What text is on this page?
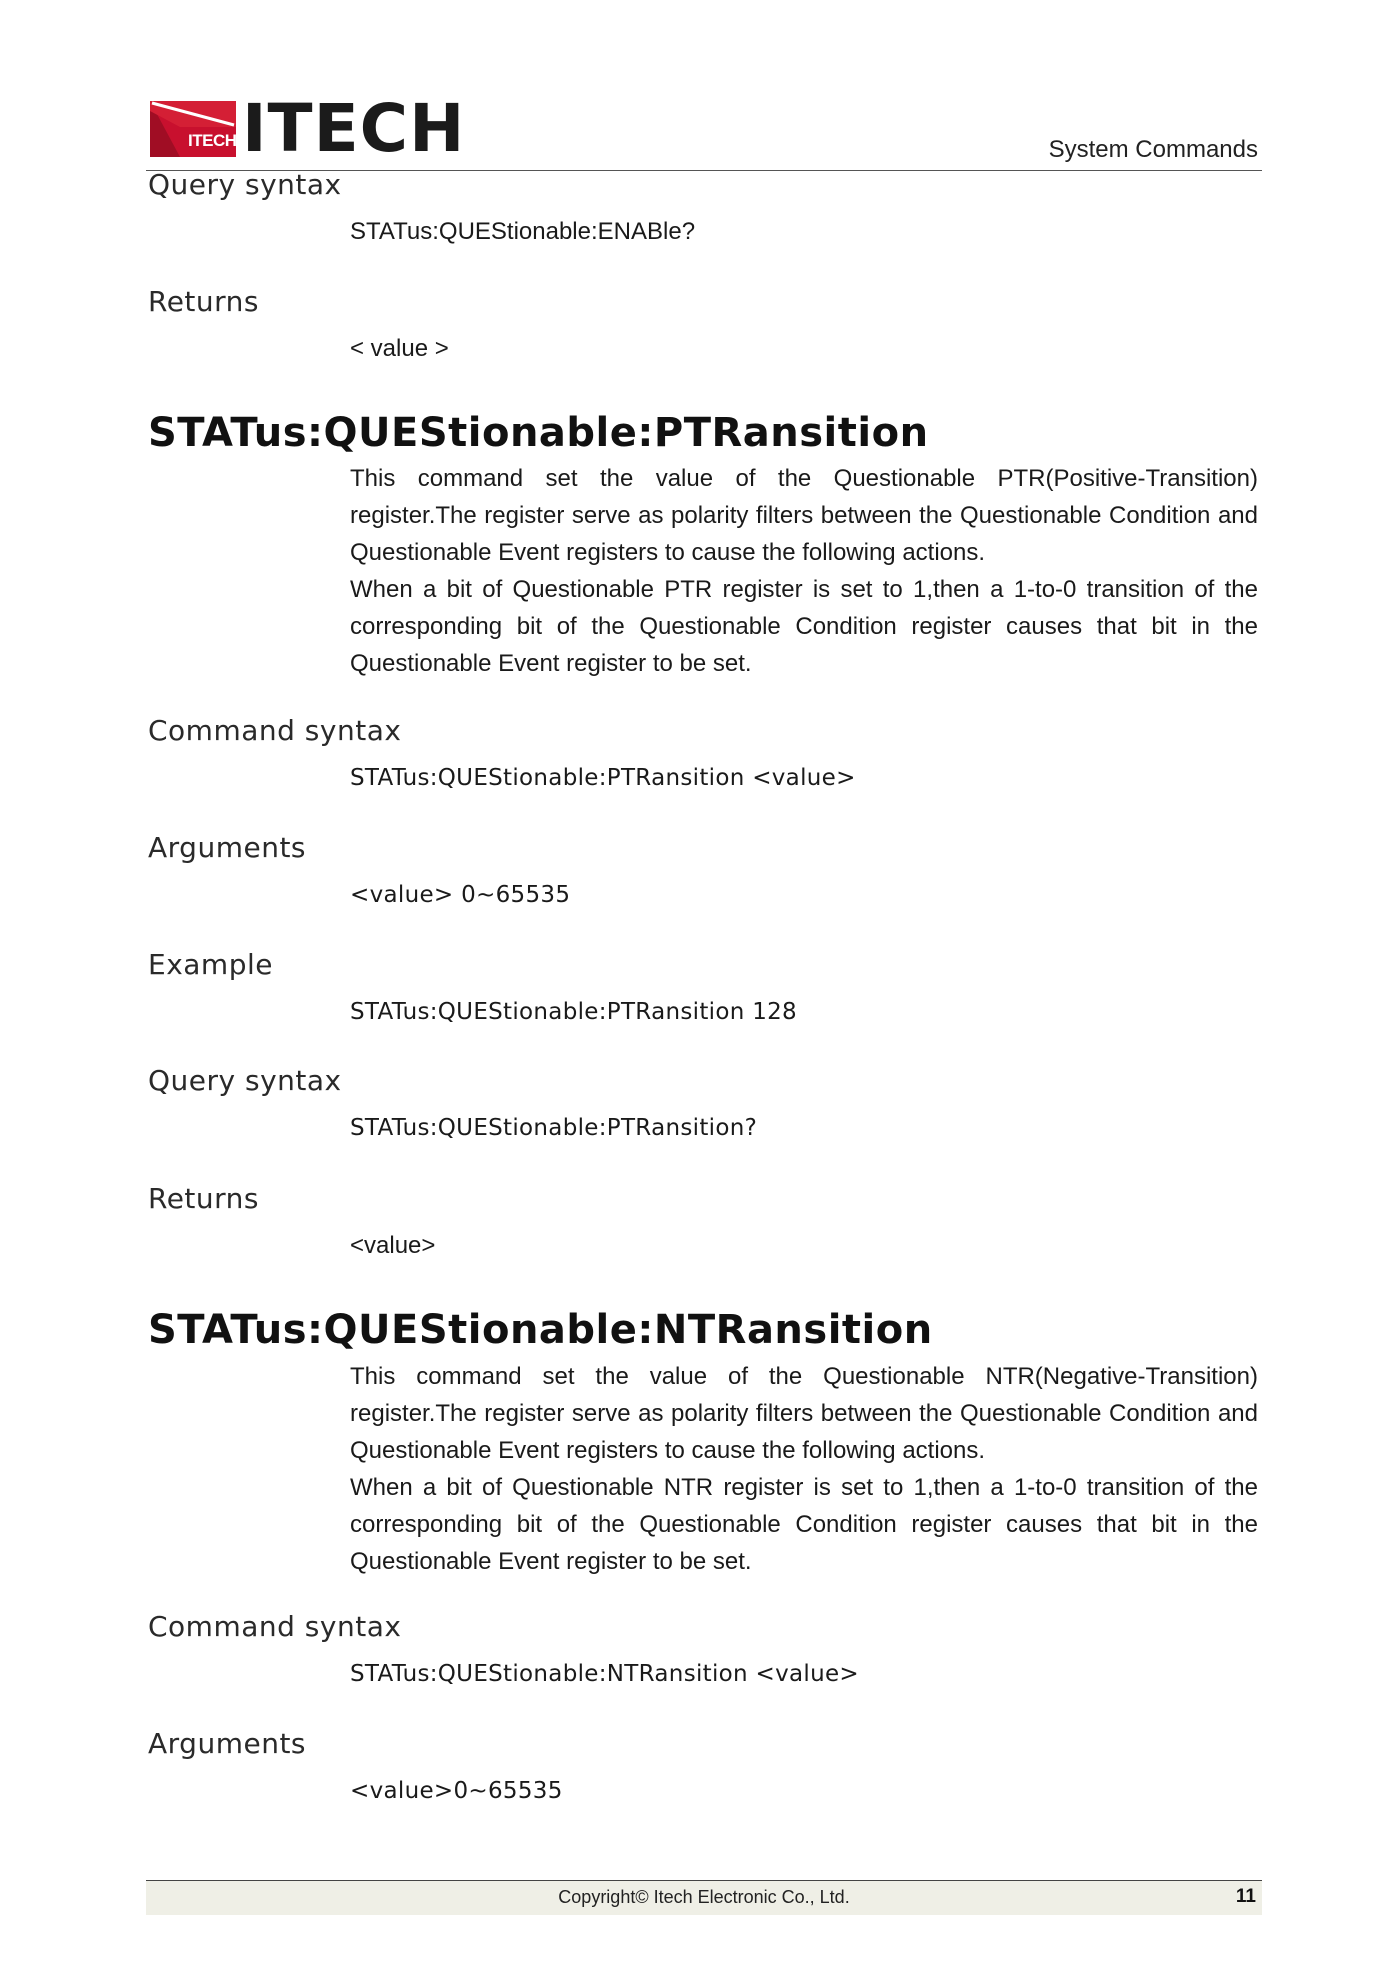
ITECH ITECH	System Commands
Query syntax
STATus:QUEStionable:ENABle?
Returns
< value >
STATus:QUEStionable:PTRansition

This command set the value of the Questionable PTR(Positive-Transition) register.The register serve as polarity filters between the Questionable Condition and Questionable Event registers to cause the following actions.

When a bit of Questionable PTR register is set to 1,then a 1-to-0 transition of the corresponding bit of the Questionable Condition register causes that bit in the Questionable Event register to be set.

Command syntax
STATus:QUEStionable:PTRansition <value>
Arguments
<value> 0~65535
Example
STATus:QUEStionable:PTRansition 128
Query syntax
STATus:QUEStionable:PTRansition?
Returns
<value>
STATus:QUEStionable:NTRansition

This command set the value of the Questionable NTR(Negative-Transition) register.The register serve as polarity filters between the Questionable Condition and Questionable Event registers to cause the following actions.

When a bit of Questionable NTR register is set to 1,then a 1-to-0 transition of the corresponding bit of the Questionable Condition register causes that bit in the Questionable Event register to be set.

Command syntax
STATus:QUEStionable:NTRansition <value>
Arguments
<value>0~65535
Copyright© Itech Electronic Co., Ltd.	11
